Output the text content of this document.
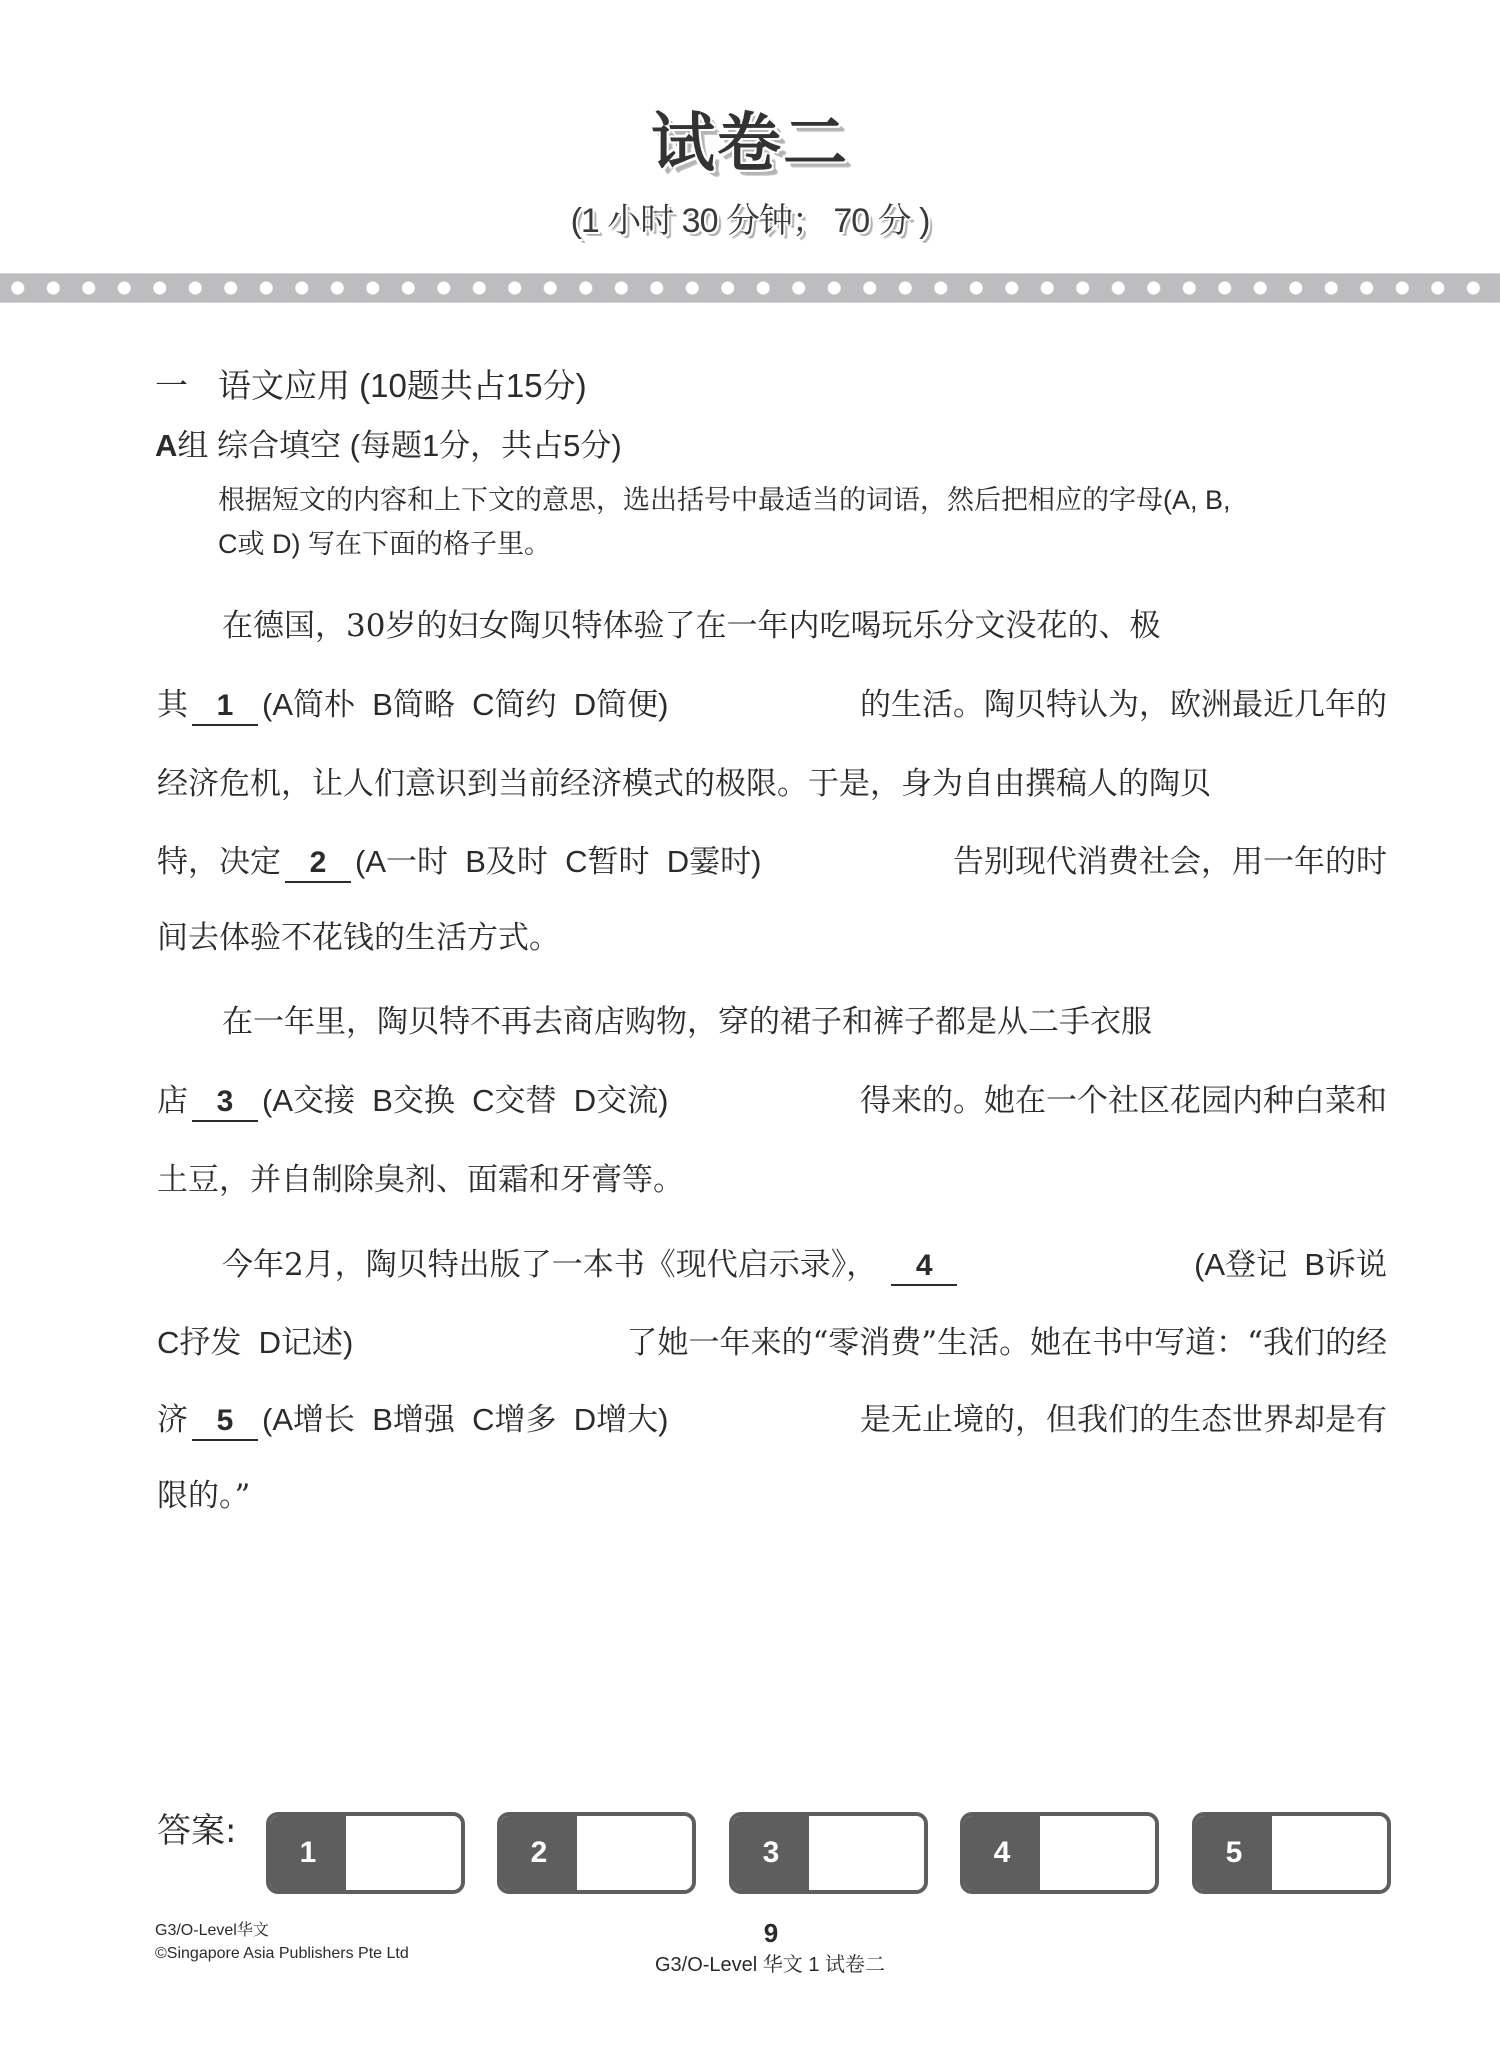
试卷二
(1 小时 30 分钟； 70 分 )
一 语文应用 (10题共占15分)
A组 综合填空 (每题1分，共占5分)
根据短文的内容和上下文的意思，选出括号中最适当的词语，然后把相应的字母(A, B,
C或 D) 写在下面的格子里。
在德国，30岁的妇女陶贝特体验了在一年内吃喝玩乐分文没花的、极
其 1 (A简朴  B简略  C简约  D简便)	的生活。陶贝特认为，欧洲最近几年的
经济危机，让人们意识到当前经济模式的极限。于是，身为自由撰稿人的陶贝
特，决定 2 (A一时  B及时  C暂时  D霎时)	告别现代消费社会，用一年的时
间去体验不花钱的生活方式。
在一年里，陶贝特不再去商店购物，穿的裙子和裤子都是从二手衣服
店 3 (A交接  B交换  C交替  D交流)	得来的。她在一个社区花园内种白菜和
土豆，并自制除臭剂、面霜和牙膏等。
今年2月，陶贝特出版了一本书《现代启示录》， 4	(A登记  B诉说
C抒发  D记述)	了她一年来的“零消费”生活。她在书中写道：“我们的经
济 5 (A增长  B增强  C增多  D增大)	是无止境的，但我们的生态世界却是有
限的。”
答案:
1	2	3	4	5
G3/O-Level华文
©Singapore Asia Publishers Pte Ltd
9
G3/O-Level 华文 1 试卷二
